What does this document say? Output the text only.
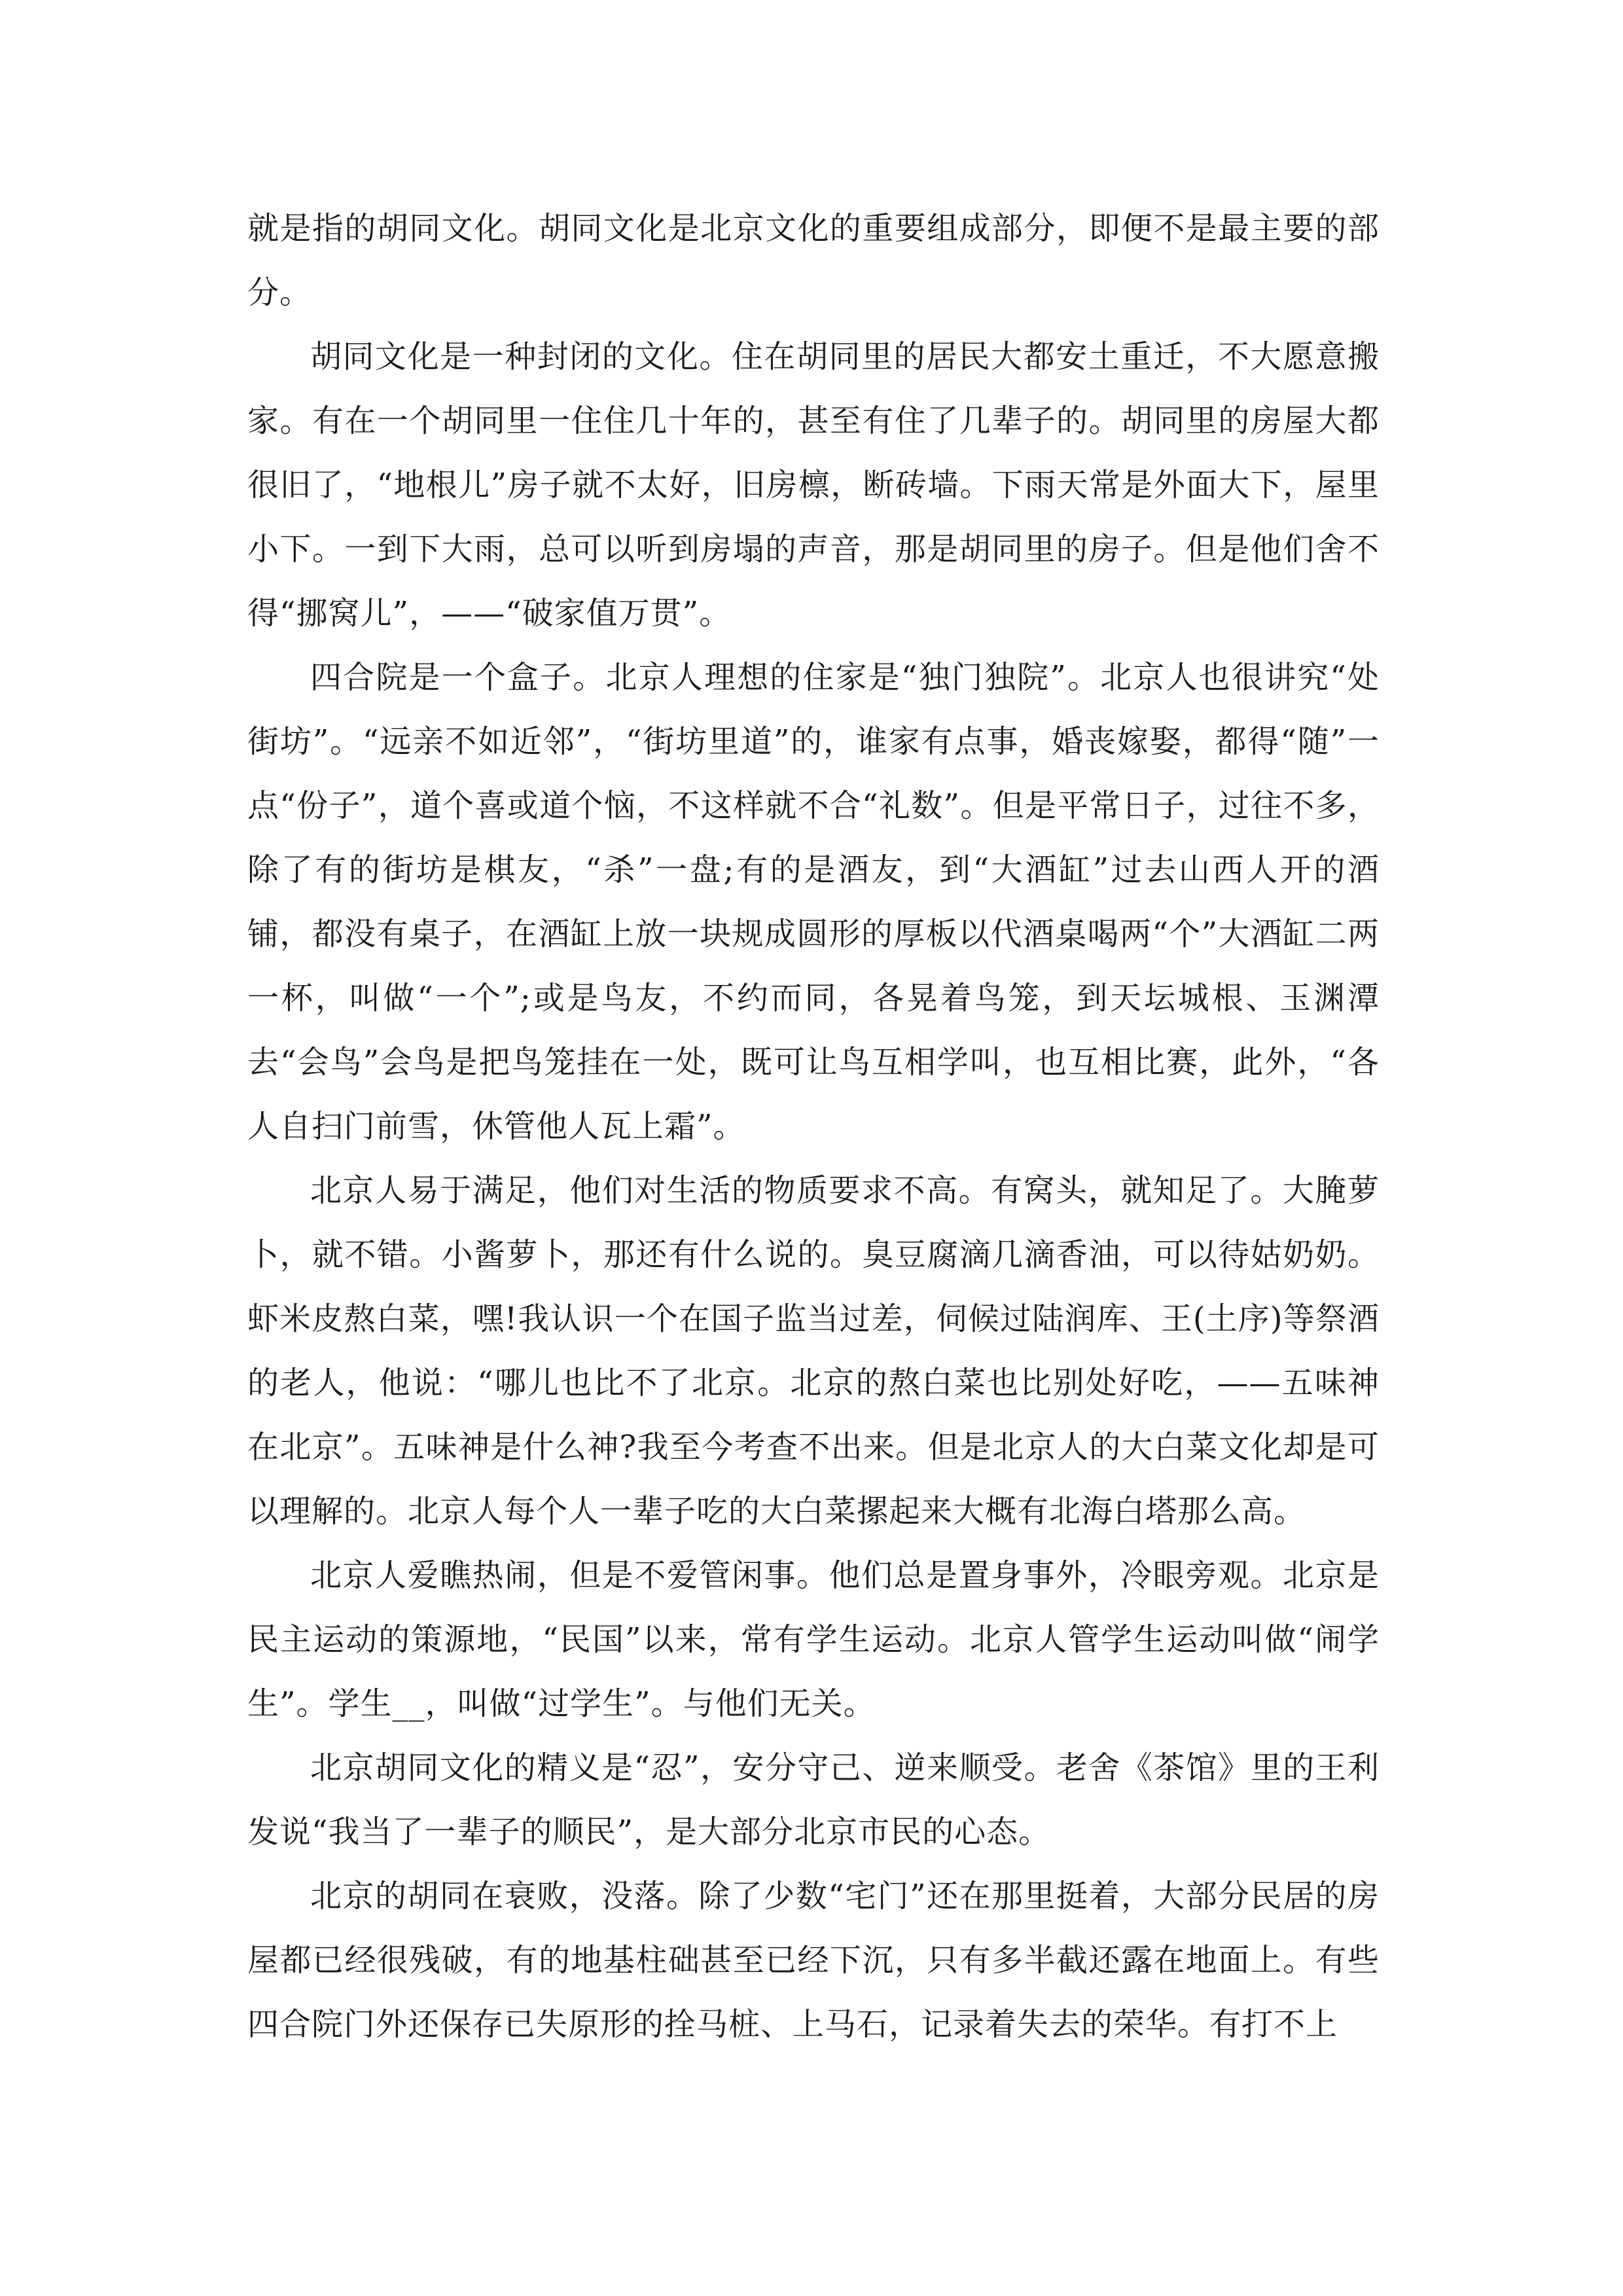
就是指的胡同文化。胡同文化是北京文化的重要组成部分，即便不是最主要的部分。

胡同文化是一种封闭的文化。住在胡同里的居民大都安土重迁，不大愿意搬家。有在一个胡同里一住住几十年的，甚至有住了几辈子的。胡同里的房屋大都很旧了，“地根儿”房子就不太好，旧房檩，断砖墙。下雨天常是外面大下，屋里小下。一到下大雨，总可以听到房塌的声音，那是胡同里的房子。但是他们舍不得“挪窝儿”，——“破家值万贯”。

四合院是一个盒子。北京人理想的住家是“独门独院”。北京人也很讲究“处街坊”。“远亲不如近邻”，“街坊里道”的，谁家有点事，婚丧嫁娶，都得“随”一点“份子”，道个喜或道个恼，不这样就不合“礼数”。但是平常日子，过往不多，除了有的街坊是棋友，“杀”一盘;有的是酒友，到“大酒缸”过去山西人开的酒铺，都没有桌子，在酒缸上放一块规成圆形的厚板以代酒桌喝两“个”大酒缸二两一杯，叫做“一个”;或是鸟友，不约而同，各晃着鸟笼，到天坛城根、玉渊潭去“会鸟”会鸟是把鸟笼挂在一处，既可让鸟互相学叫，也互相比赛，此外，“各人自扫门前雪，休管他人瓦上霜”。

北京人易于满足，他们对生活的物质要求不高。有窝头，就知足了。大腌萝卜，就不错。小酱萝卜，那还有什么说的。臭豆腐滴几滴香油，可以待姑奶奶。虾米皮熬白菜，嘿!我认识一个在国子监当过差，伺候过陆润库、王(土序)等祭酒的老人，他说：“哪儿也比不了北京。北京的熬白菜也比别处好吃，——五味神在北京”。五味神是什么神?我至今考查不出来。但是北京人的大白菜文化却是可以理解的。北京人每个人一辈子吃的大白菜摞起来大概有北海白塔那么高。

北京人爱瞧热闹，但是不爱管闲事。他们总是置身事外，冷眼旁观。北京是民主运动的策源地，“民国”以来，常有学生运动。北京人管学生运动叫做“闹学生”。学生__，叫做“过学生”。与他们无关。

北京胡同文化的精义是“忍”，安分守己、逆来顺受。老舍《茶馆》里的王利发说“我当了一辈子的顺民”，是大部分北京市民的心态。

北京的胡同在衰败，没落。除了少数“宅门”还在那里挺着，大部分民居的房屋都已经很残破，有的地基柱础甚至已经下沉，只有多半截还露在地面上。有些四合院门外还保存已失原形的拴马桩、上马石，记录着失去的荣华。有打不上
